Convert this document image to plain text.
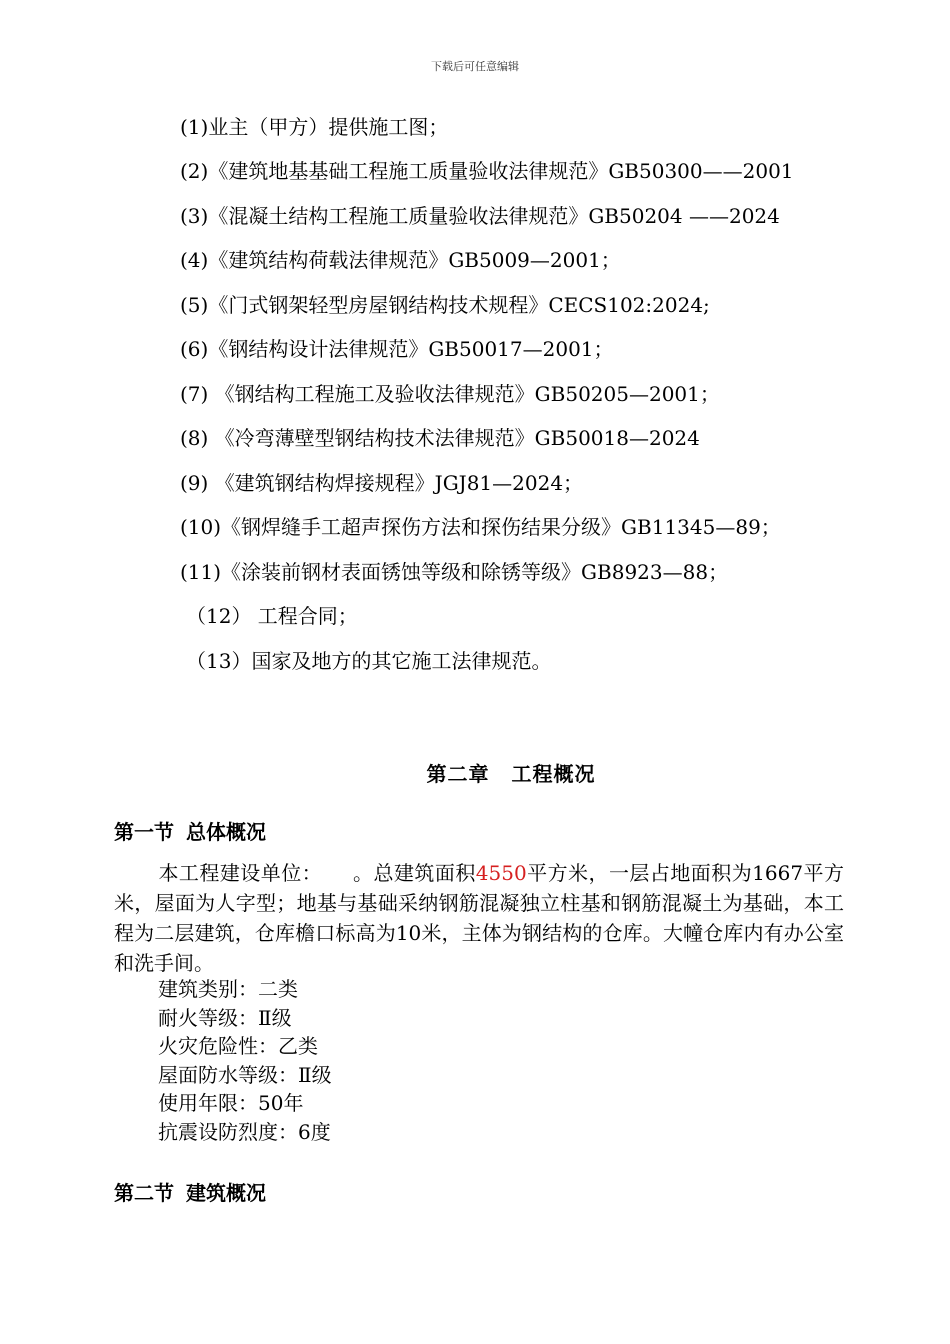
下载后可任意编辑
(1)业主（甲方）提供施工图；
(2)《建筑地基基础工程施工质量验收法律规范》GB50300——2001
(3)《混凝土结构工程施工质量验收法律规范》GB50204 ——2024
(4)《建筑结构荷载法律规范》GB5009—2001；
(5)《门式钢架轻型房屋钢结构技术规程》CECS102:2024;
(6)《钢结构设计法律规范》GB50017—2001；
(7) 《钢结构工程施工及验收法律规范》GB50205—2001；
(8) 《冷弯薄壁型钢结构技术法律规范》GB50018—2024
(9) 《建筑钢结构焊接规程》JGJ81—2024；
(10)《钢焊缝手工超声探伤方法和探伤结果分级》GB11345—89；
(11)《涂装前钢材表面锈蚀等级和除锈等级》GB8923—88；
（12） 工程合同；
（13）国家及地方的其它施工法律规范。
第二章 工程概况
第一节 总体概况
本工程建设单位：　　。总建筑面积4550平方米，一层占地面积为1667平方米，屋面为人字型；地基与基础采纳钢筋混凝独立柱基和钢筋混凝土为基础，本工程为二层建筑，仓库檐口标高为10米，主体为钢结构的仓库。大幢仓库内有办公室和洗手间。
建筑类别：二类
耐火等级：Ⅱ级
火灾危险性：乙类
屋面防水等级：Ⅱ级
使用年限：50年
抗震设防烈度：6度
第二节 建筑概况
